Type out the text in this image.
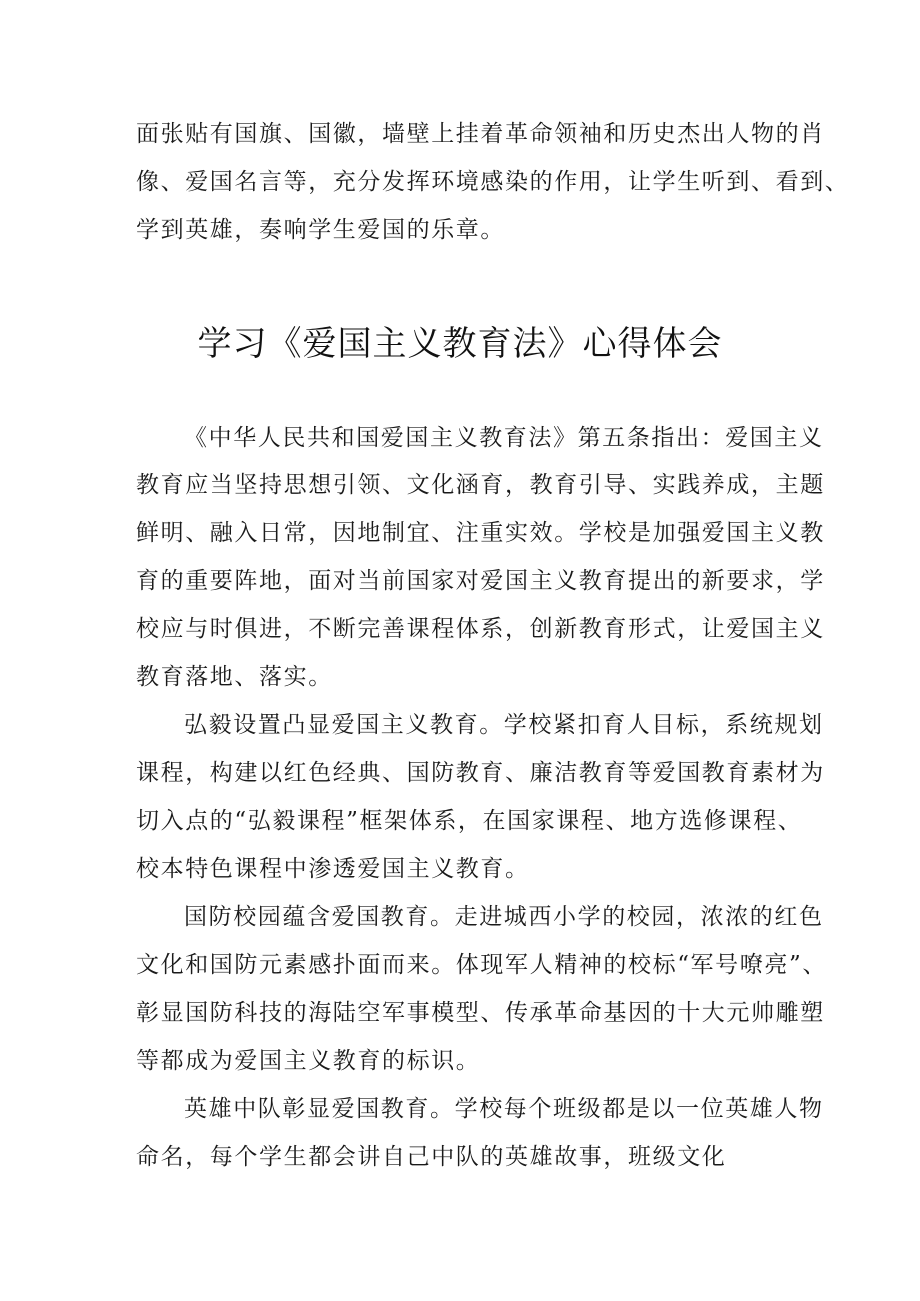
面张贴有国旗、国徽，墙壁上挂着革命领袖和历史杰出人物的肖

像、爱国名言等，充分发挥环境感染的作用，让学生听到、看到、

学到英雄，奏响学生爱国的乐章。

学习《爱国主义教育法》心得体会

《中华人民共和国爱国主义教育法》第五条指出：爱国主义

教育应当坚持思想引领、文化涵育，教育引导、实践养成，主题

鲜明、融入日常，因地制宜、注重实效。学校是加强爱国主义教

育的重要阵地，面对当前国家对爱国主义教育提出的新要求，学

校应与时俱进，不断完善课程体系，创新教育形式，让爱国主义

教育落地、落实。

弘毅设置凸显爱国主义教育。学校紧扣育人目标，系统规划

课程，构建以红色经典、国防教育、廉洁教育等爱国教育素材为

切入点的“弘毅课程”框架体系，在国家课程、地方选修课程、

校本特色课程中渗透爱国主义教育。

国防校园蕴含爱国教育。走进城西小学的校园，浓浓的红色

文化和国防元素感扑面而来。体现军人精神的校标“军号嘹亮”、

彰显国防科技的海陆空军事模型、传承革命基因的十大元帅雕塑

等都成为爱国主义教育的标识。

英雄中队彰显爱国教育。学校每个班级都是以一位英雄人物

命名，每个学生都会讲自己中队的英雄故事，班级文化
